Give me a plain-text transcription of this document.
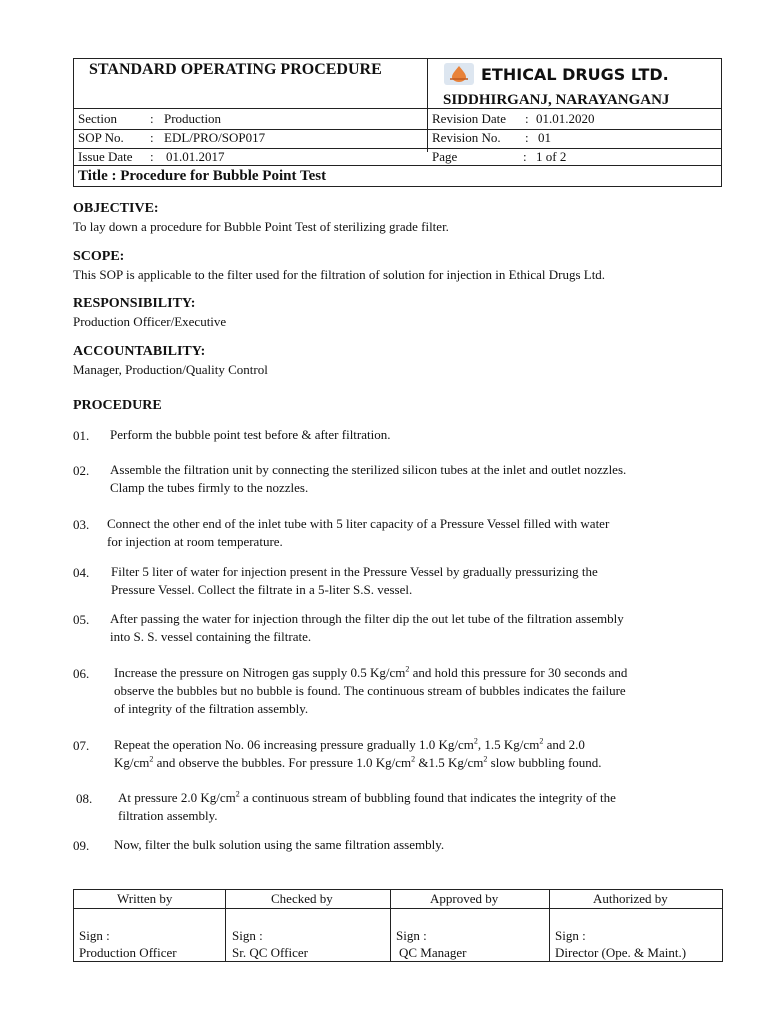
STANDARD OPERATING PROCEDURE	ETHICAL DRUGS LTD.
SIDDHIRGANJ, NARAYANGANJ
Section	: Production
SOP No. : EDL/PRO/SOP017
Issue Date : 01.01.2017
Revision Date : 01.01.2020
Revision No. : 01
Page	: 1 of 2
Title : Procedure for Bubble Point Test
OBJECTIVE:
To lay down a procedure for Bubble Point Test of sterilizing grade filter.
SCOPE:
This SOP is applicable to the filter used for the filtration of solution for injection in Ethical Drugs Ltd.
RESPONSIBILITY:
Production Officer/Executive
ACCOUNTABILITY:
Manager, Production/Quality Control
PROCEDURE
01. Perform the bubble point test before & after filtration.
02. Assemble the filtration unit by connecting the sterilized silicon tubes at the inlet and outlet nozzles.
Clamp the tubes firmly to the nozzles.
03. Connect the other end of the inlet tube with 5 liter capacity of a Pressure Vessel filled with water
for injection at room temperature.
04. Filter 5 liter of water for injection present in the Pressure Vessel by gradually pressurizing the
Pressure Vessel. Collect the filtrate in a 5-liter S.S. vessel.
05. After passing the water for injection through the filter dip the out let tube of the filtration assembly
into S. S. vessel containing the filtrate.
06. Increase the pressure on Nitrogen gas supply 0.5 $Kg/cm^2$ and hold this pressure for 30 seconds and
observe the bubbles but no bubble is found. The continuous stream of bubbles indicates the failure
of integrity of the filtration assembly.
07. Repeat the operation No. 06 increasing pressure gradually 1.0 $Kg/cm^2$, 1.5 $Kg/cm^2$ and 2.0
$Kg/cm^2$ and observe the bubbles. For pressure 1.0 $Kg/cm^2$ &1.5 $Kg/cm^2$ slow bubbling found.
08. At pressure 2.0 $Kg/cm^2$ a continuous stream of bubbling found that indicates the integrity of the
filtration assembly.
09. Now, filter the bulk solution using the same filtration assembly.
Written by	Checked by	Approved by	Authorized by
Sign :	Sign :	Sign :	Sign :
Production Officer	Sr. QC Officer	QC Manager	Director (Ope. & Maint.)
